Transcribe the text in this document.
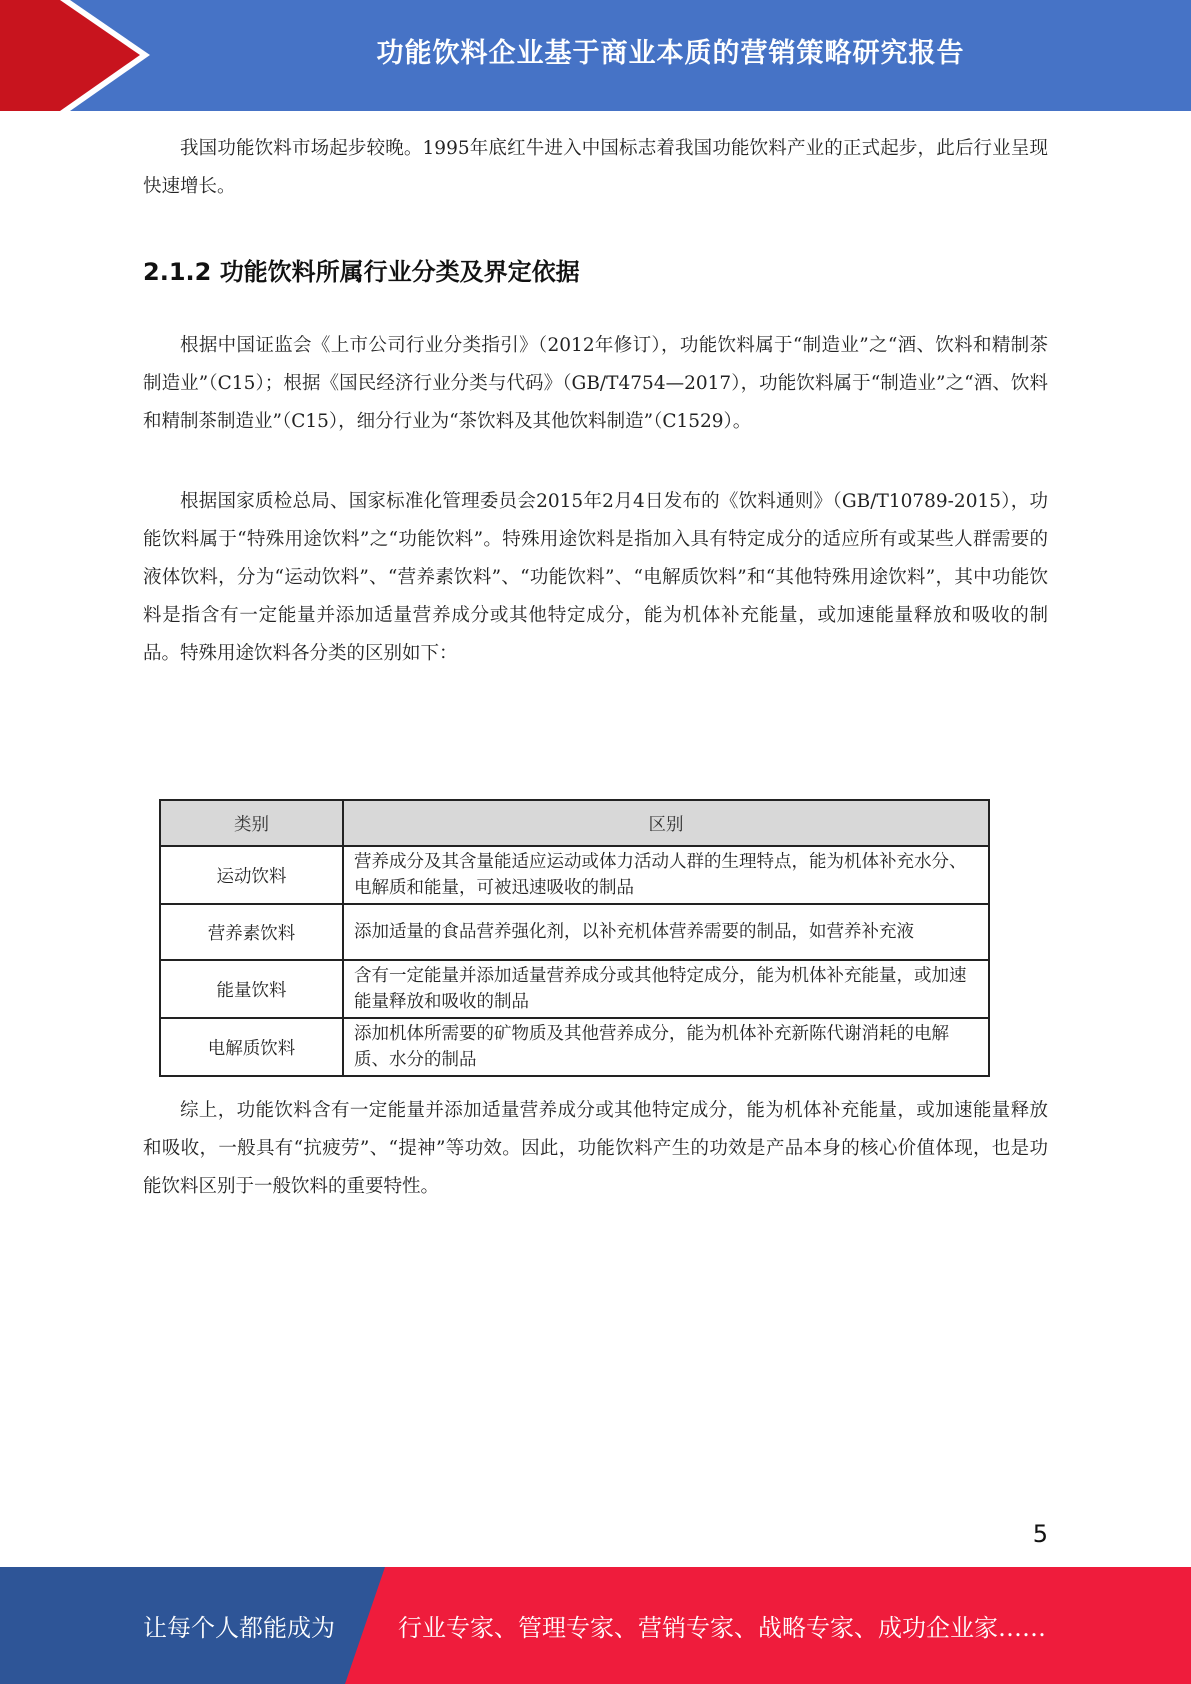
功能饮料企业基于商业本质的营销策略研究报告

我国功能饮料市场起步较晚。1995年底红牛进入中国标志着我国功能饮料产业的正式起步，此后行业呈现快速增长。

2.1.2 功能饮料所属行业分类及界定依据

根据中国证监会《上市公司行业分类指引》（2012年修订），功能饮料属于“制造业”之“酒、饮料和精制茶制造业”（C15）；根据《国民经济行业分类与代码》（GB/T4754—2017），功能饮料属于“制造业”之“酒、饮料和精制茶制造业”（C15），细分行业为“茶饮料及其他饮料制造”（C1529）。

根据国家质检总局、国家标准化管理委员会2015年2月4日发布的《饮料通则》（GB/T10789-2015），功能饮料属于“特殊用途饮料”之“功能饮料”。特殊用途饮料是指加入具有特定成分的适应所有或某些人群需要的液体饮料，分为“运动饮料”、“营养素饮料”、“功能饮料”、“电解质饮料”和“其他特殊用途饮料”，其中功能饮料是指含有一定能量并添加适量营养成分或其他特定成分，能为机体补充能量，或加速能量释放和吸收的制品。特殊用途饮料各分类的区别如下：

类别	区别
运动饮料	营养成分及其含量能适应运动或体力活动人群的生理特点，能为机体补充水分、电解质和能量，可被迅速吸收的制品
营养素饮料	添加适量的食品营养强化剂，以补充机体营养需要的制品，如营养补充液
能量饮料	含有一定能量并添加适量营养成分或其他特定成分，能为机体补充能量，或加速能量释放和吸收的制品
电解质饮料	添加机体所需要的矿物质及其他营养成分，能为机体补充新陈代谢消耗的电解质、水分的制品

综上，功能饮料含有一定能量并添加适量营养成分或其他特定成分，能为机体补充能量，或加速能量释放和吸收，一般具有“抗疲劳”、“提神”等功效。因此，功能饮料产生的功效是产品本身的核心价值体现，也是功能饮料区别于一般饮料的重要特性。

5
让每个人都能成为	行业专家、管理专家、营销专家、战略专家、成功企业家……
